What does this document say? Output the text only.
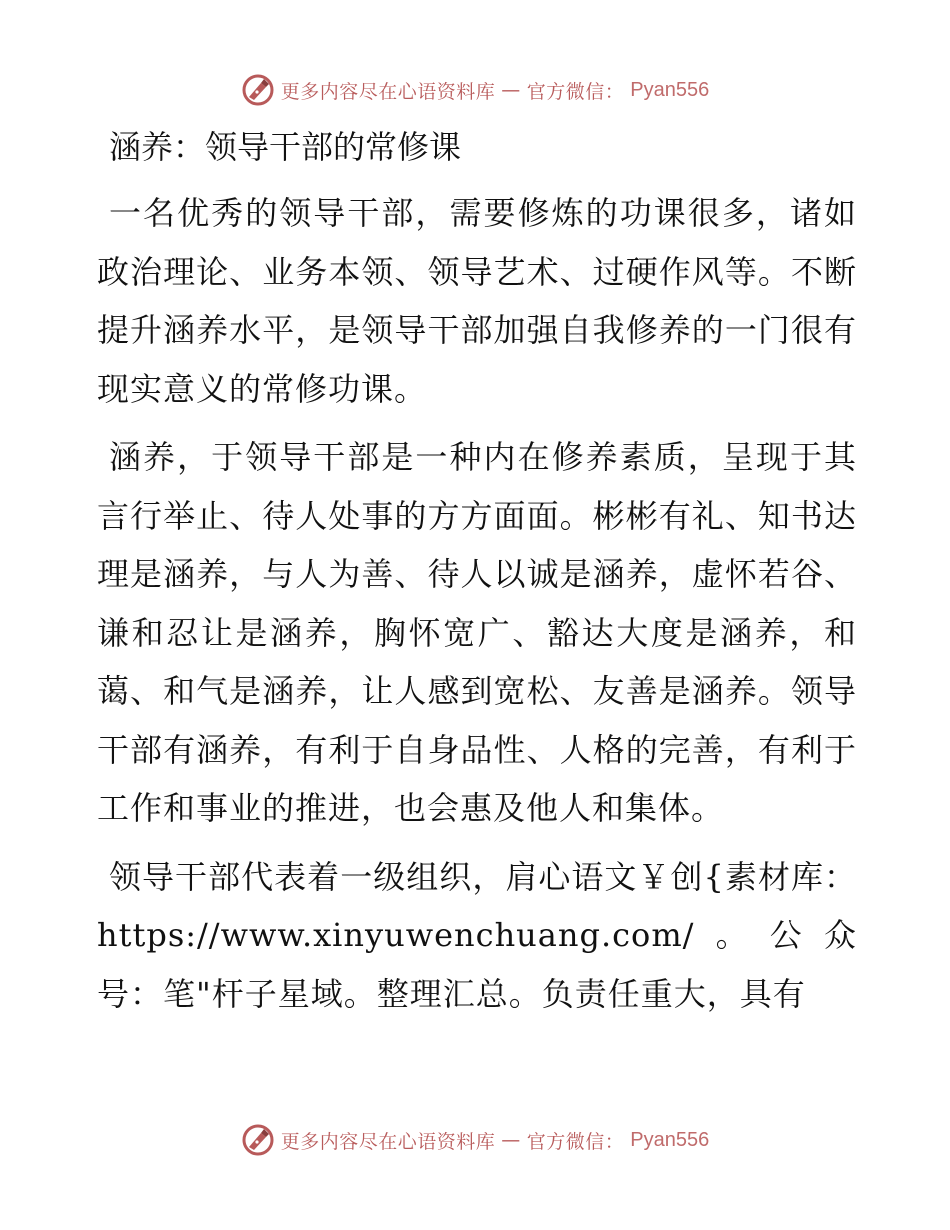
更多内容尽在心语资料库 — 官方微信： Pyan556
涵养：领导干部的常修课

一名优秀的领导干部，需要修炼的功课很多，诸如政治理论、业务本领、领导艺术、过硬作风等。不断提升涵养水平，是领导干部加强自我修养的一门很有现实意义的常修功课。

涵养，于领导干部是一种内在修养素质，呈现于其言行举止、待人处事的方方面面。彬彬有礼、知书达理是涵养，与人为善、待人以诚是涵养，虚怀若谷、谦和忍让是涵养，胸怀宽广、豁达大度是涵养，和蔼、和气是涵养，让人感到宽松、友善是涵养。领导干部有涵养，有利于自身品性、人格的完善，有利于工作和事业的推进，也会惠及他人和集体。

领导干部代表着一级组织，肩心语文￥创{素材库：https://www.xinyuwenchuang.com/。公众号：笔"杆子星域。整理汇总。负责任重大，具有

更多内容尽在心语资料库 — 官方微信： Pyan556
